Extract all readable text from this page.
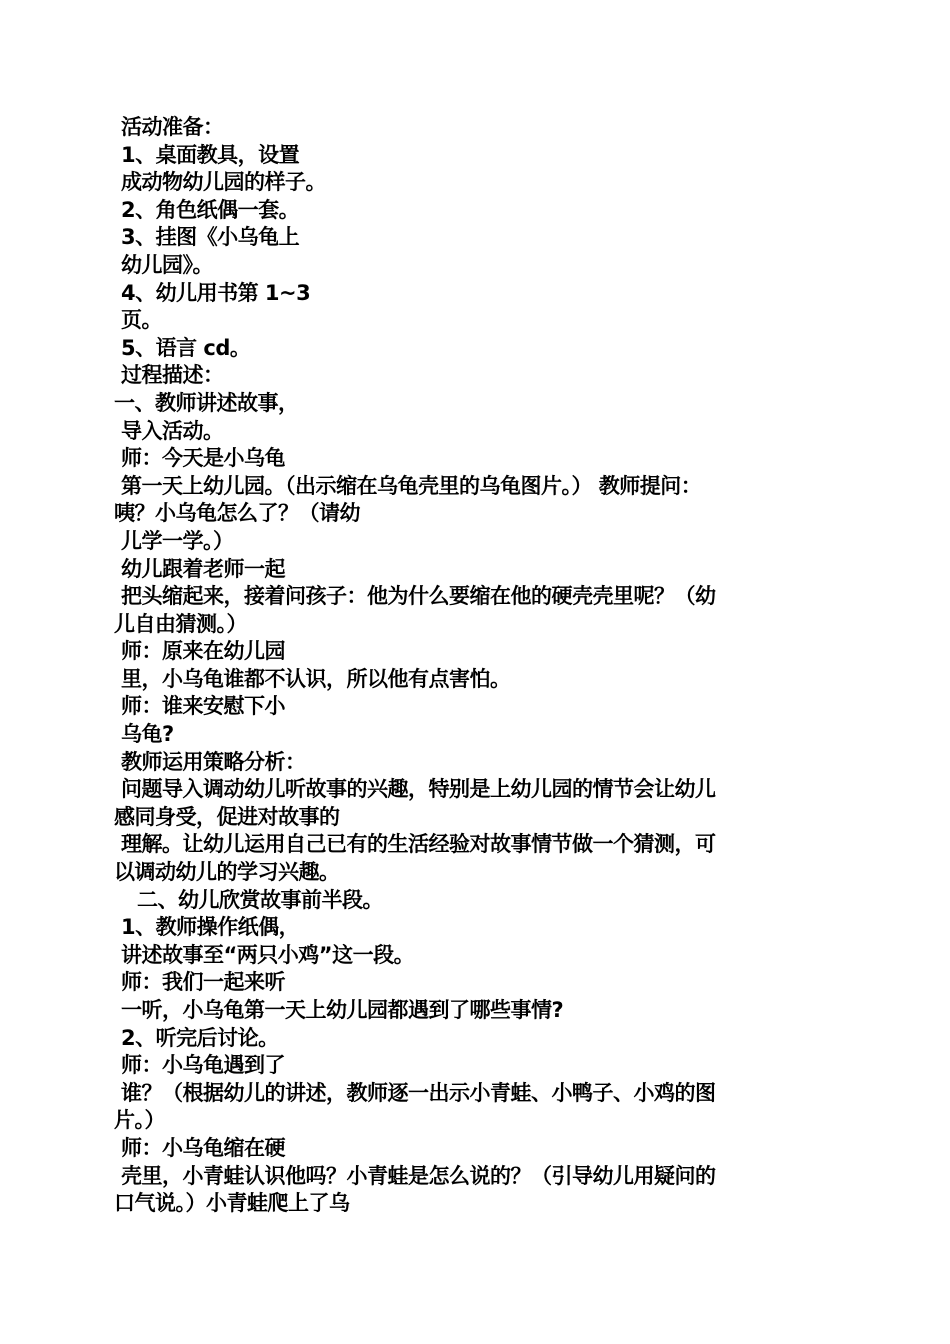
活动准备：
1、桌面教具，设置
成动物幼儿园的样子。
2、角色纸偶一套。
3、挂图《小乌龟上
幼儿园》。
4、幼儿用书第 1~3
页。
5、语言 cd。
过程描述：
一、教师讲述故事，
导入活动。
师：今天是小乌龟
第一天上幼儿园。（出示缩在乌龟壳里的乌龟图片。） 教师提问：
咦？小乌龟怎么了？（请幼
儿学一学。）
幼儿跟着老师一起
把头缩起来，接着问孩子：他为什么要缩在他的硬壳壳里呢？（幼
儿自由猜测。）
师：原来在幼儿园
里，小乌龟谁都不认识，所以他有点害怕。
师：谁来安慰下小
乌龟?
教师运用策略分析：
问题导入调动幼儿听故事的兴趣，特别是上幼儿园的情节会让幼儿
感同身受，促进对故事的
理解。让幼儿运用自己已有的生活经验对故事情节做一个猜测，可
以调动幼儿的学习兴趣。
二、幼儿欣赏故事前半段。
1、教师操作纸偶，
讲述故事至“两只小鸡”这一段。
师：我们一起来听
一听，小乌龟第一天上幼儿园都遇到了哪些事情?
2、听完后讨论。
师：小乌龟遇到了
谁？（根据幼儿的讲述，教师逐一出示小青蛙、小鸭子、小鸡的图
片。）
师：小乌龟缩在硬
壳里，小青蛙认识他吗？小青蛙是怎么说的？（引导幼儿用疑问的
口气说。）小青蛙爬上了乌
